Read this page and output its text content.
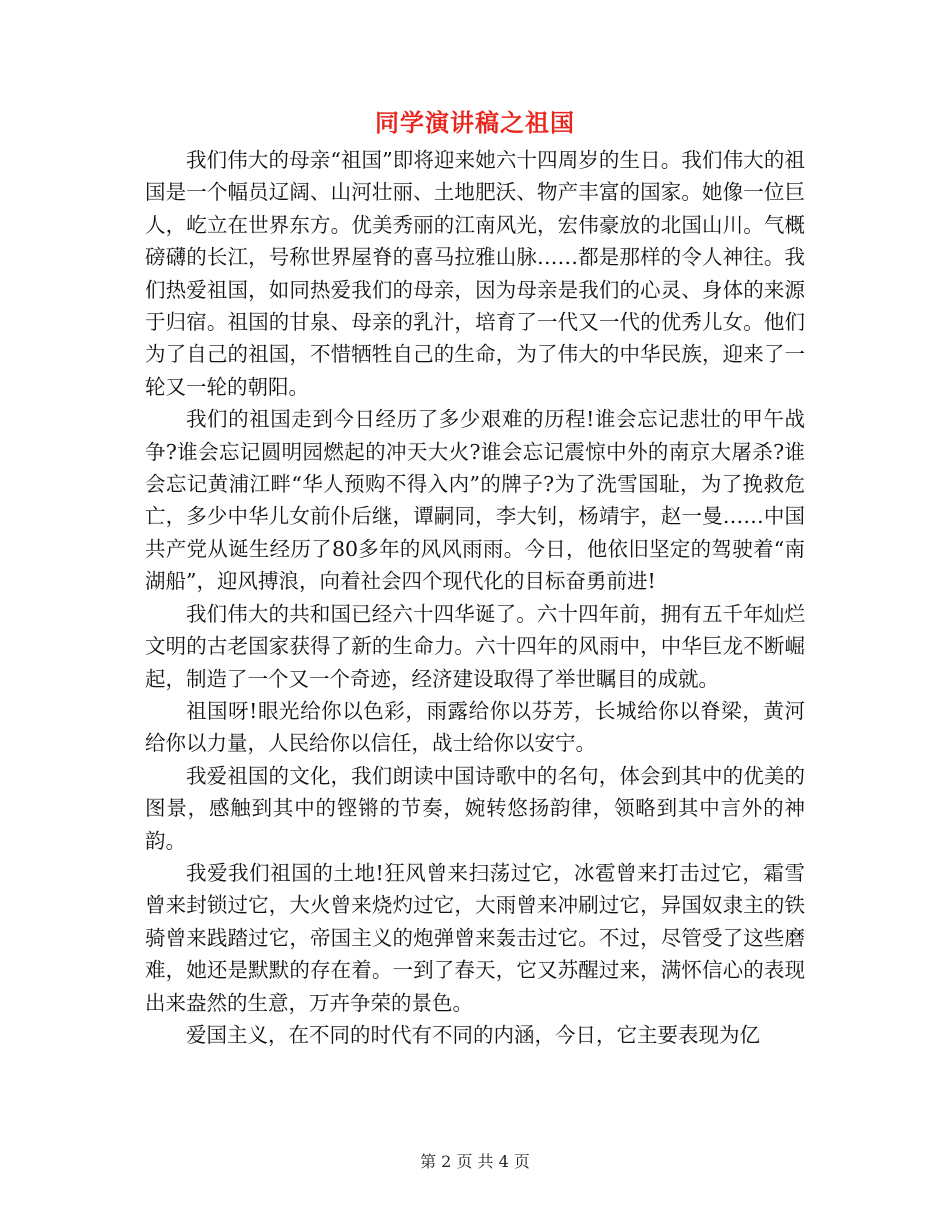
同学演讲稿之祖国

我们伟大的母亲“祖国”即将迎来她六十四周岁的生日。我们伟大的祖国是一个幅员辽阔、山河壮丽、土地肥沃、物产丰富的国家。她像一位巨人，屹立在世界东方。优美秀丽的江南风光，宏伟豪放的北国山川。气概磅礴的长江，号称世界屋脊的喜马拉雅山脉……都是那样的令人神往。我们热爱祖国，如同热爱我们的母亲，因为母亲是我们的心灵、身体的来源于归宿。祖国的甘泉、母亲的乳汁，培育了一代又一代的优秀儿女。他们为了自己的祖国，不惜牺牲自己的生命，为了伟大的中华民族，迎来了一轮又一轮的朝阳。

我们的祖国走到今日经历了多少艰难的历程!谁会忘记悲壮的甲午战争?谁会忘记圆明园燃起的冲天大火?谁会忘记震惊中外的南京大屠杀?谁会忘记黄浦江畔“华人预购不得入内”的牌子?为了洗雪国耻，为了挽救危亡，多少中华儿女前仆后继，谭嗣同，李大钊，杨靖宇，赵一曼……中国共产党从诞生经历了80多年的风风雨雨。今日，他依旧坚定的驾驶着“南湖船”，迎风搏浪，向着社会四个现代化的目标奋勇前进!

我们伟大的共和国已经六十四华诞了。六十四年前，拥有五千年灿烂文明的古老国家获得了新的生命力。六十四年的风雨中，中华巨龙不断崛起，制造了一个又一个奇迹，经济建设取得了举世瞩目的成就。

祖国呀!眼光给你以色彩，雨露给你以芬芳，长城给你以脊梁，黄河给你以力量，人民给你以信任，战士给你以安宁。

我爱祖国的文化，我们朗读中国诗歌中的名句，体会到其中的优美的图景，感触到其中的铿锵的节奏，婉转悠扬韵律，领略到其中言外的神韵。

我爱我们祖国的土地!狂风曾来扫荡过它，冰雹曾来打击过它，霜雪曾来封锁过它，大火曾来烧灼过它，大雨曾来冲刷过它，异国奴隶主的铁骑曾来践踏过它，帝国主义的炮弹曾来轰击过它。不过，尽管受了这些磨难，她还是默默的存在着。一到了春天，它又苏醒过来，满怀信心的表现出来盎然的生意，万卉争荣的景色。

爱国主义，在不同的时代有不同的内涵，今日，它主要表现为亿

第 2 页 共 4 页
